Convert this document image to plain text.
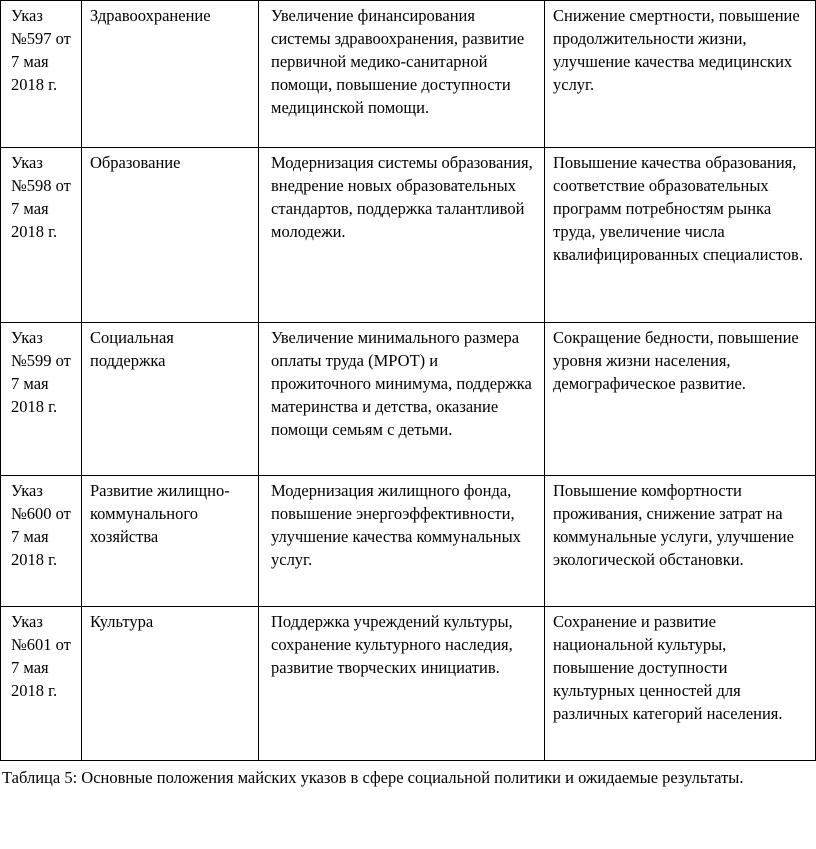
Указ №597 от 7 мая 2018 г.	Здравоохранение	Увеличение финансирования системы здравоохранения, развитие первичной медико-санитарной помощи, повышение доступности медицинской помощи.	Снижение смертности, повышение продолжительности жизни, улучшение качества медицинских услуг.

Указ №598 от 7 мая 2018 г.	Образование	Модернизация системы образования, внедрение новых образовательных стандартов, поддержка талантливой молодежи.	Повышение качества образования, соответствие образовательных программ потребностям рынка труда, увеличение числа квалифицированных специалистов.

Указ №599 от 7 мая 2018 г.	Социальная поддержка	Увеличение минимального размера оплаты труда (МРОТ) и прожиточного минимума, поддержка материнства и детства, оказание помощи семьям с детьми.	Сокращение бедности, повышение уровня жизни населения, демографическое развитие.

Указ №600 от 7 мая 2018 г.	Развитие жилищно-коммунального хозяйства	Модернизация жилищного фонда, повышение энергоэффективности, улучшение качества коммунальных услуг.	Повышение комфортности проживания, снижение затрат на коммунальные услуги, улучшение экологической обстановки.

Указ №601 от 7 мая 2018 г.	Культура	Поддержка учреждений культуры, сохранение культурного наследия, развитие творческих инициатив.	Сохранение и развитие национальной культуры, повышение доступности культурных ценностей для различных категорий населения.
Таблица 5: Основные положения майских указов в сфере социальной политики и ожидаемые результаты.
